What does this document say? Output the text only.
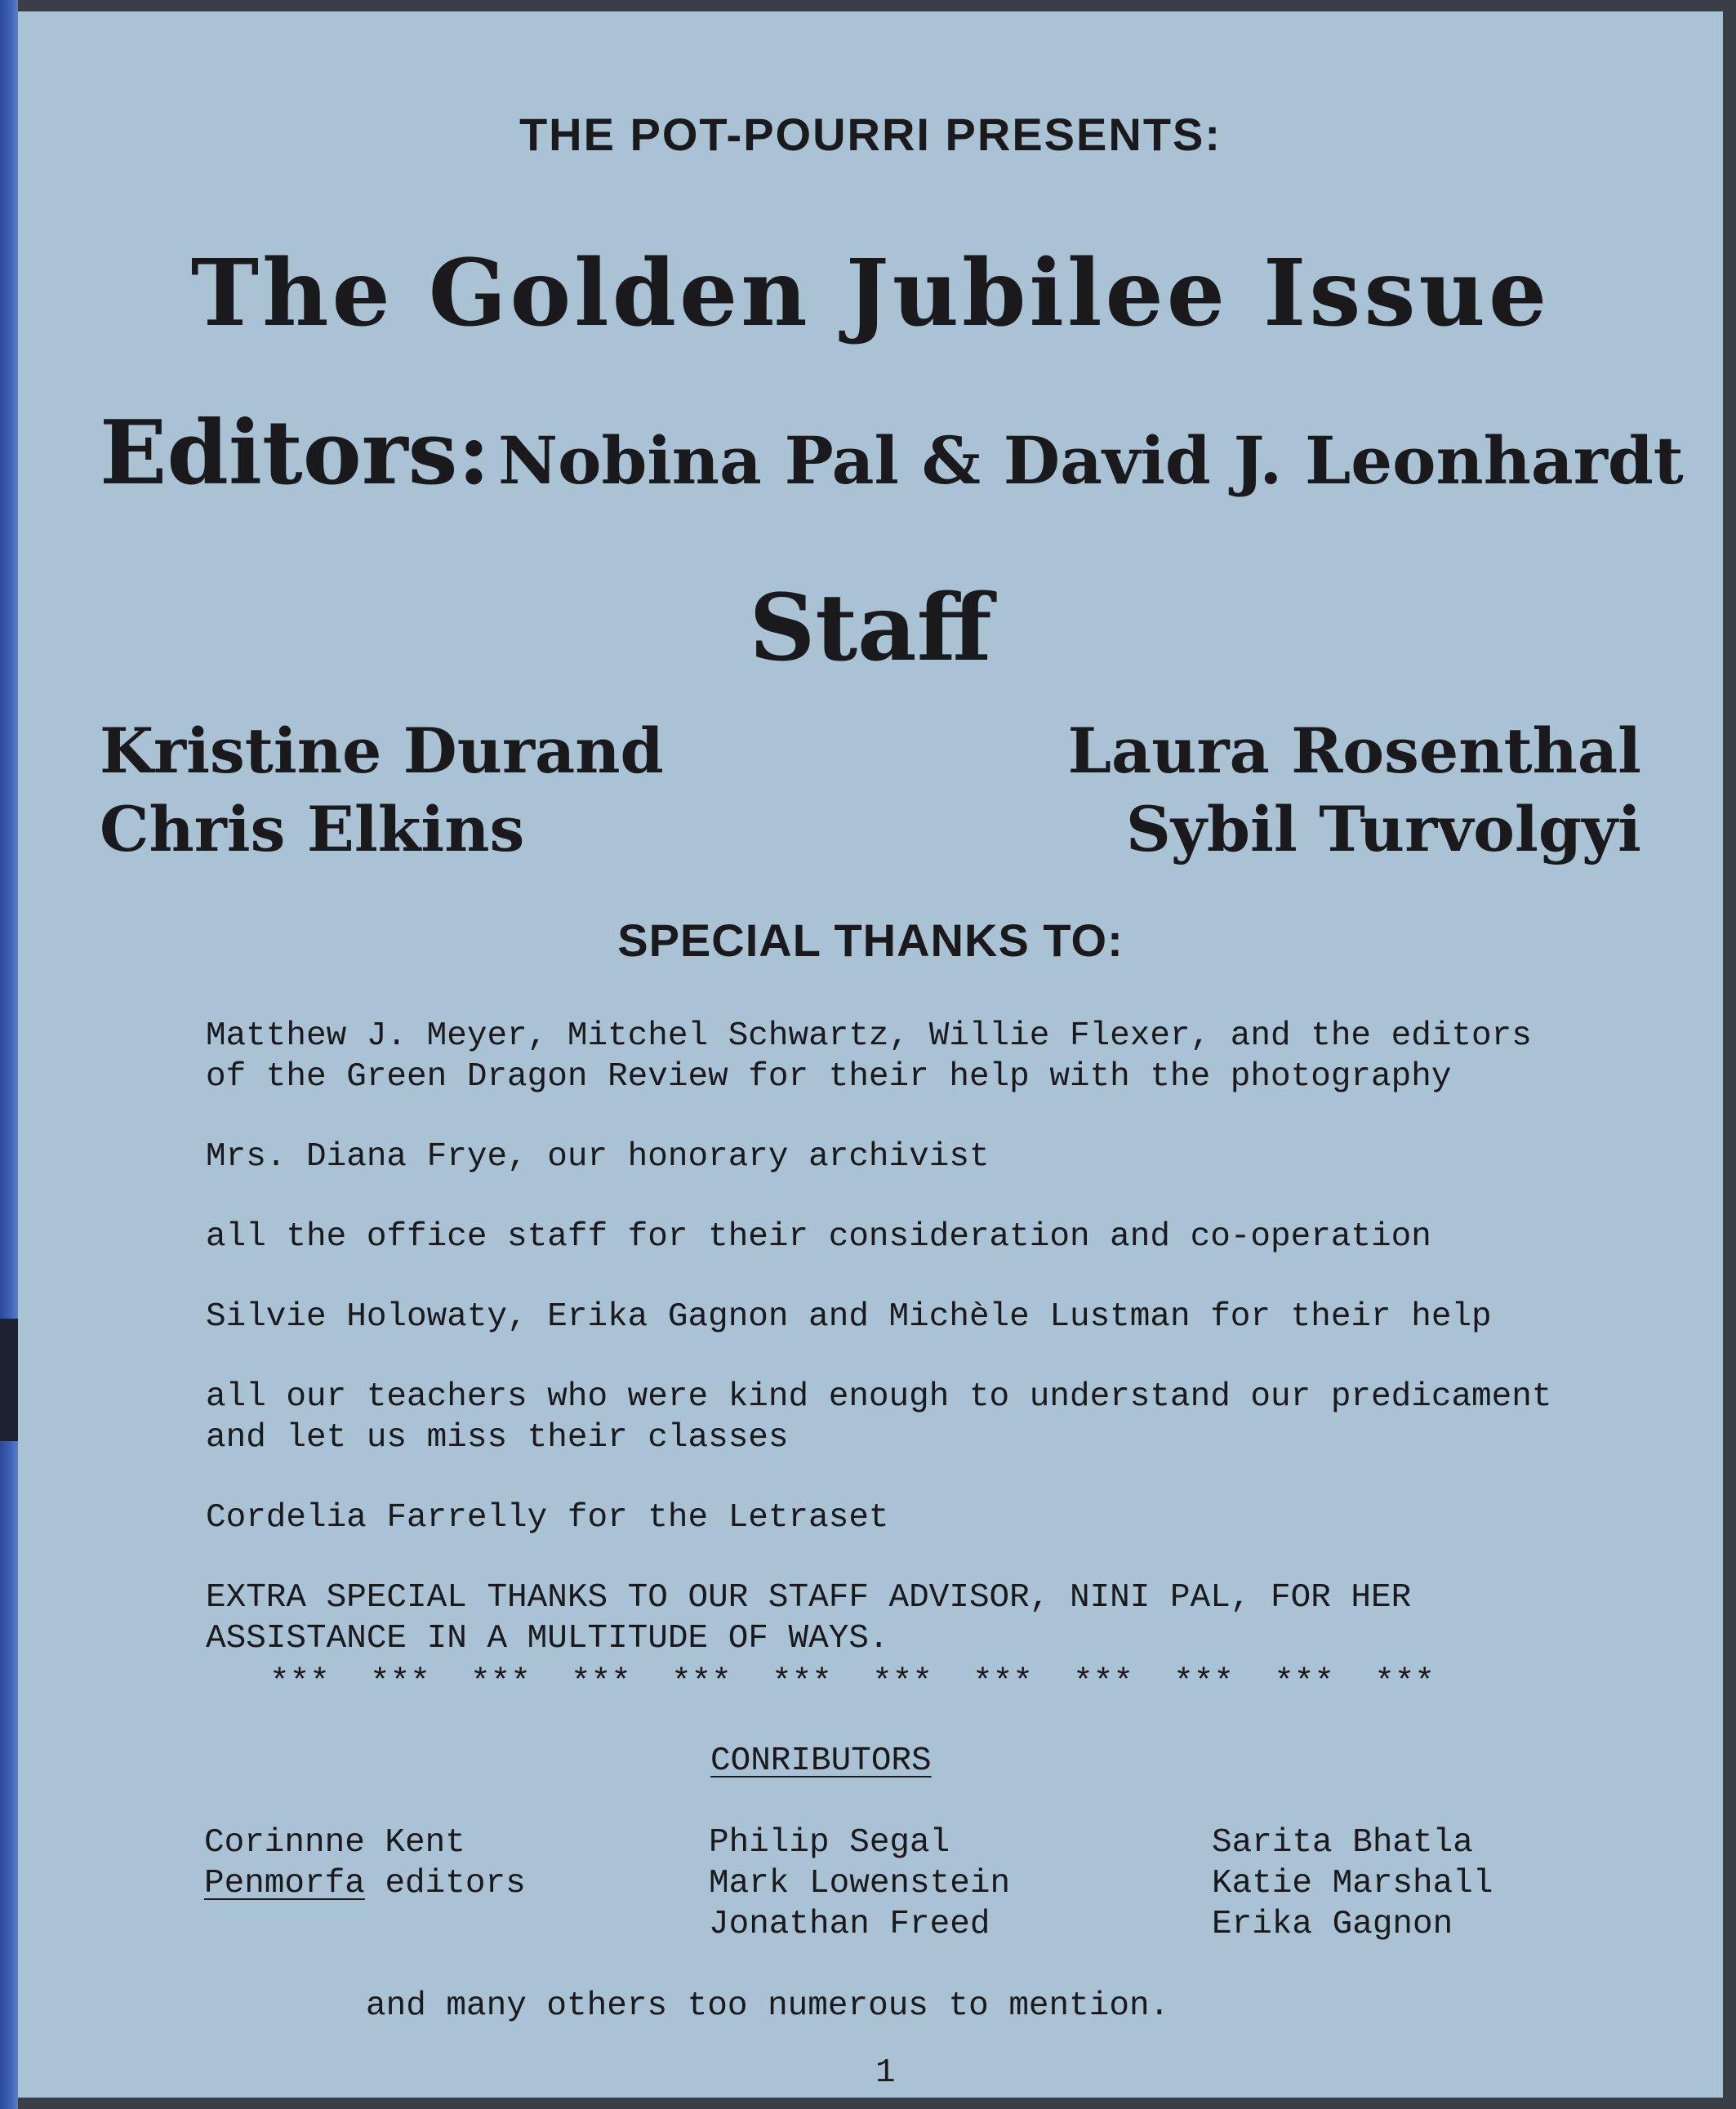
THE POT-POURRI PRESENTS:
The Golden Jubilee Issue
Editors: Nobina Pal & David J. Leonhardt
Staff
Kristine Durand
Chris Elkins
Laura Rosenthal
Sybil Turvolgyi
SPECIAL THANKS TO:
Matthew J. Meyer, Mitchel Schwartz, Willie Flexer, and the editors
of the Green Dragon Review for their help with the photography
Mrs. Diana Frye, our honorary archivist
all the office staff for their consideration and co-operation
Silvie Holowaty, Erika Gagnon and Michèle Lustman for their help
all our teachers who were kind enough to understand our predicament
and let us miss their classes
Cordelia Farrelly for the Letraset
EXTRA SPECIAL THANKS TO OUR STAFF ADVISOR, NINI PAL, FOR HER
ASSISTANCE IN A MULTITUDE OF WAYS.
***  ***  ***  ***  ***  ***  ***  ***  ***  ***  ***  ***
CONRIBUTORS
Corinnne Kent
Penmorfa editors
Philip Segal
Mark Lowenstein
Jonathan Freed
Sarita Bhatla
Katie Marshall
Erika Gagnon
and many others too numerous to mention.
1
